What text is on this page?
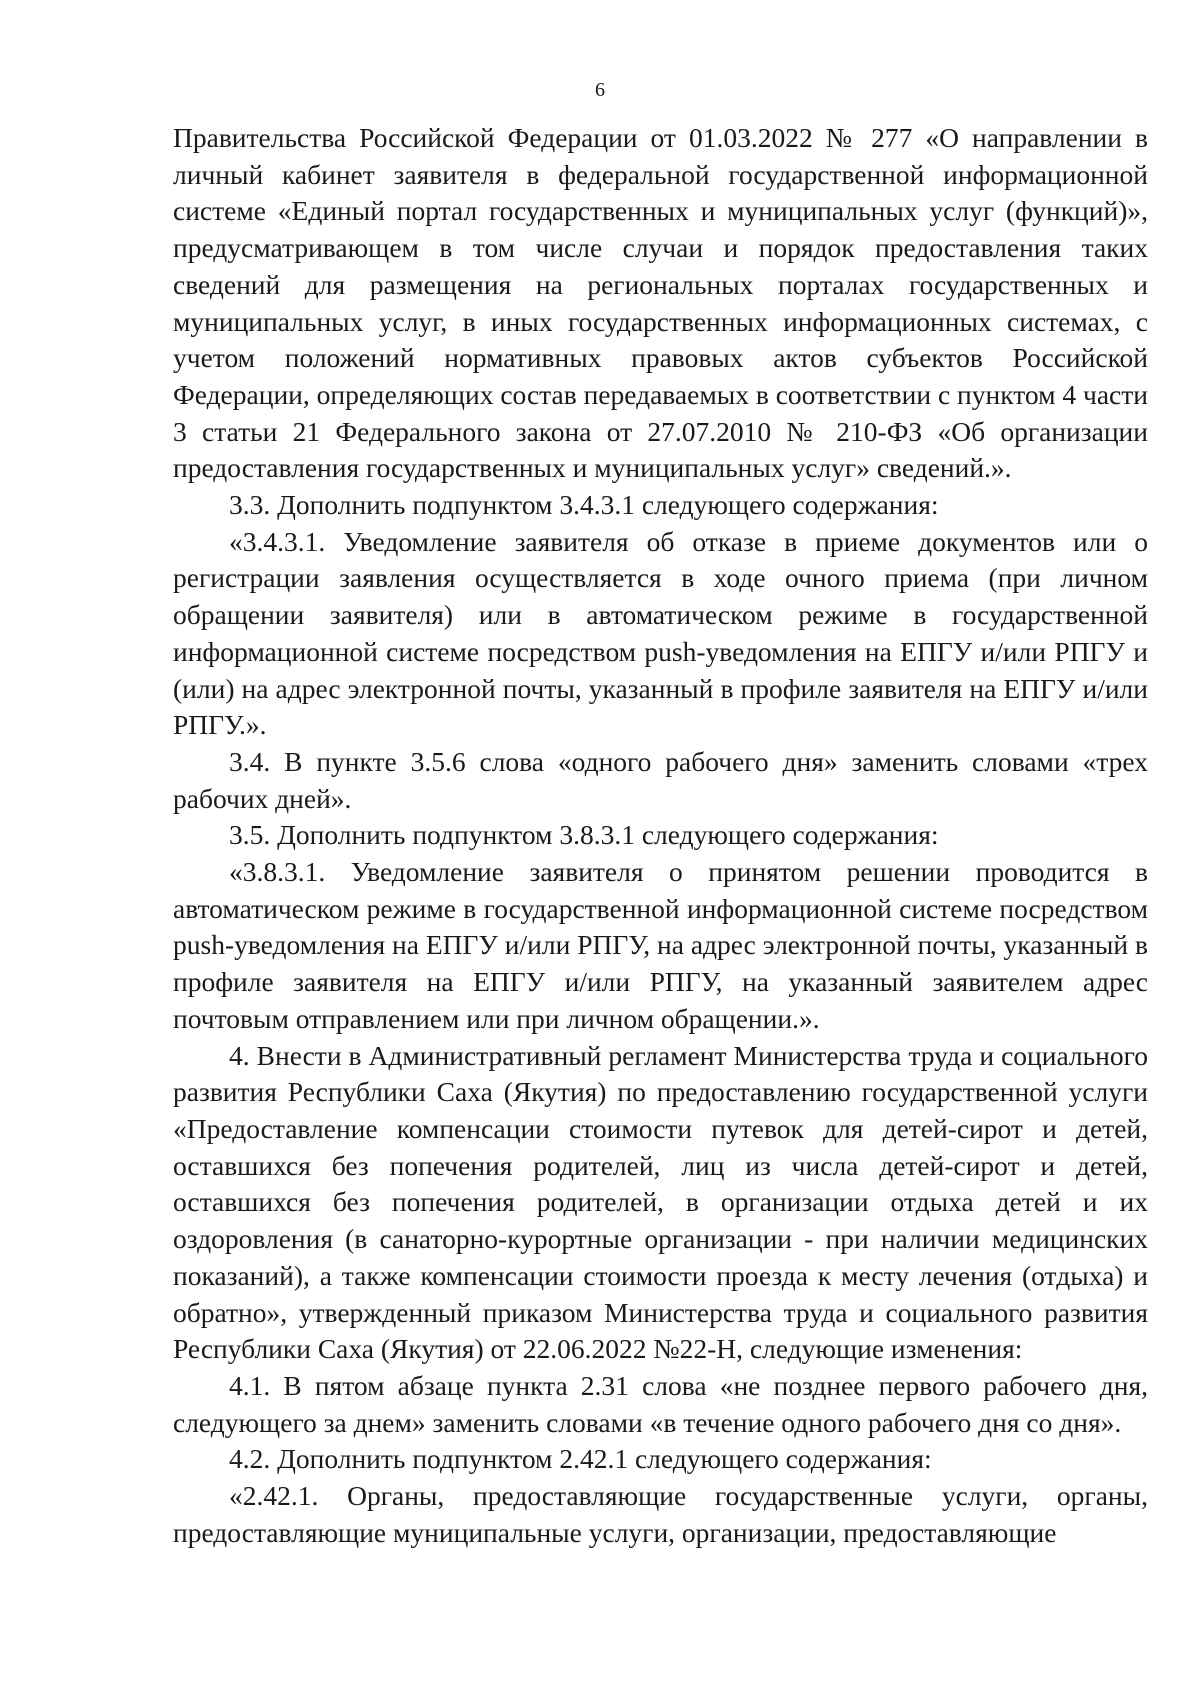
6

Правительства Российской Федерации от 01.03.2022 № 277 «О направлении в личный кабинет заявителя в федеральной государственной информационной системе «Единый портал государственных и муниципальных услуг (функций)», предусматривающем в том числе случаи и порядок предоставления таких сведений для размещения на региональных порталах государственных и муниципальных услуг, в иных государственных информационных системах, с учетом положений нормативных правовых актов субъектов Российской Федерации, определяющих состав передаваемых в соответствии с пунктом 4 части 3 статьи 21 Федерального закона от 27.07.2010 № 210-ФЗ «Об организации предоставления государственных и муниципальных услуг» сведений.».

3.3. Дополнить подпунктом 3.4.3.1 следующего содержания:

«3.4.3.1. Уведомление заявителя об отказе в приеме документов или о регистрации заявления осуществляется в ходе очного приема (при личном обращении заявителя) или в автоматическом режиме в государственной информационной системе посредством push-уведомления на ЕПГУ и/или РПГУ и (или) на адрес электронной почты, указанный в профиле заявителя на ЕПГУ и/или РПГУ.».

3.4. В пункте 3.5.6 слова «одного рабочего дня» заменить словами «трех рабочих дней».

3.5. Дополнить подпунктом 3.8.3.1 следующего содержания:

«3.8.3.1. Уведомление заявителя о принятом решении проводится в автоматическом режиме в государственной информационной системе посредством push-уведомления на ЕПГУ и/или РПГУ, на адрес электронной почты, указанный в профиле заявителя на ЕПГУ и/или РПГУ, на указанный заявителем адрес почтовым отправлением или при личном обращении.».

4. Внести в Административный регламент Министерства труда и социального развития Республики Саха (Якутия) по предоставлению государственной услуги «Предоставление компенсации стоимости путевок для детей-сирот и детей, оставшихся без попечения родителей, лиц из числа детей-сирот и детей, оставшихся без попечения родителей, в организации отдыха детей и их оздоровления (в санаторно-курортные организации - при наличии медицинских показаний), а также компенсации стоимости проезда к месту лечения (отдыха) и обратно», утвержденный приказом Министерства труда и социального развития Республики Саха (Якутия) от 22.06.2022 №22-Н, следующие изменения:

4.1. В пятом абзаце пункта 2.31 слова «не позднее первого рабочего дня, следующего за днем» заменить словами «в течение одного рабочего дня со дня».

4.2. Дополнить подпунктом 2.42.1 следующего содержания:

«2.42.1. Органы, предоставляющие государственные услуги, органы, предоставляющие муниципальные услуги, организации, предоставляющие
